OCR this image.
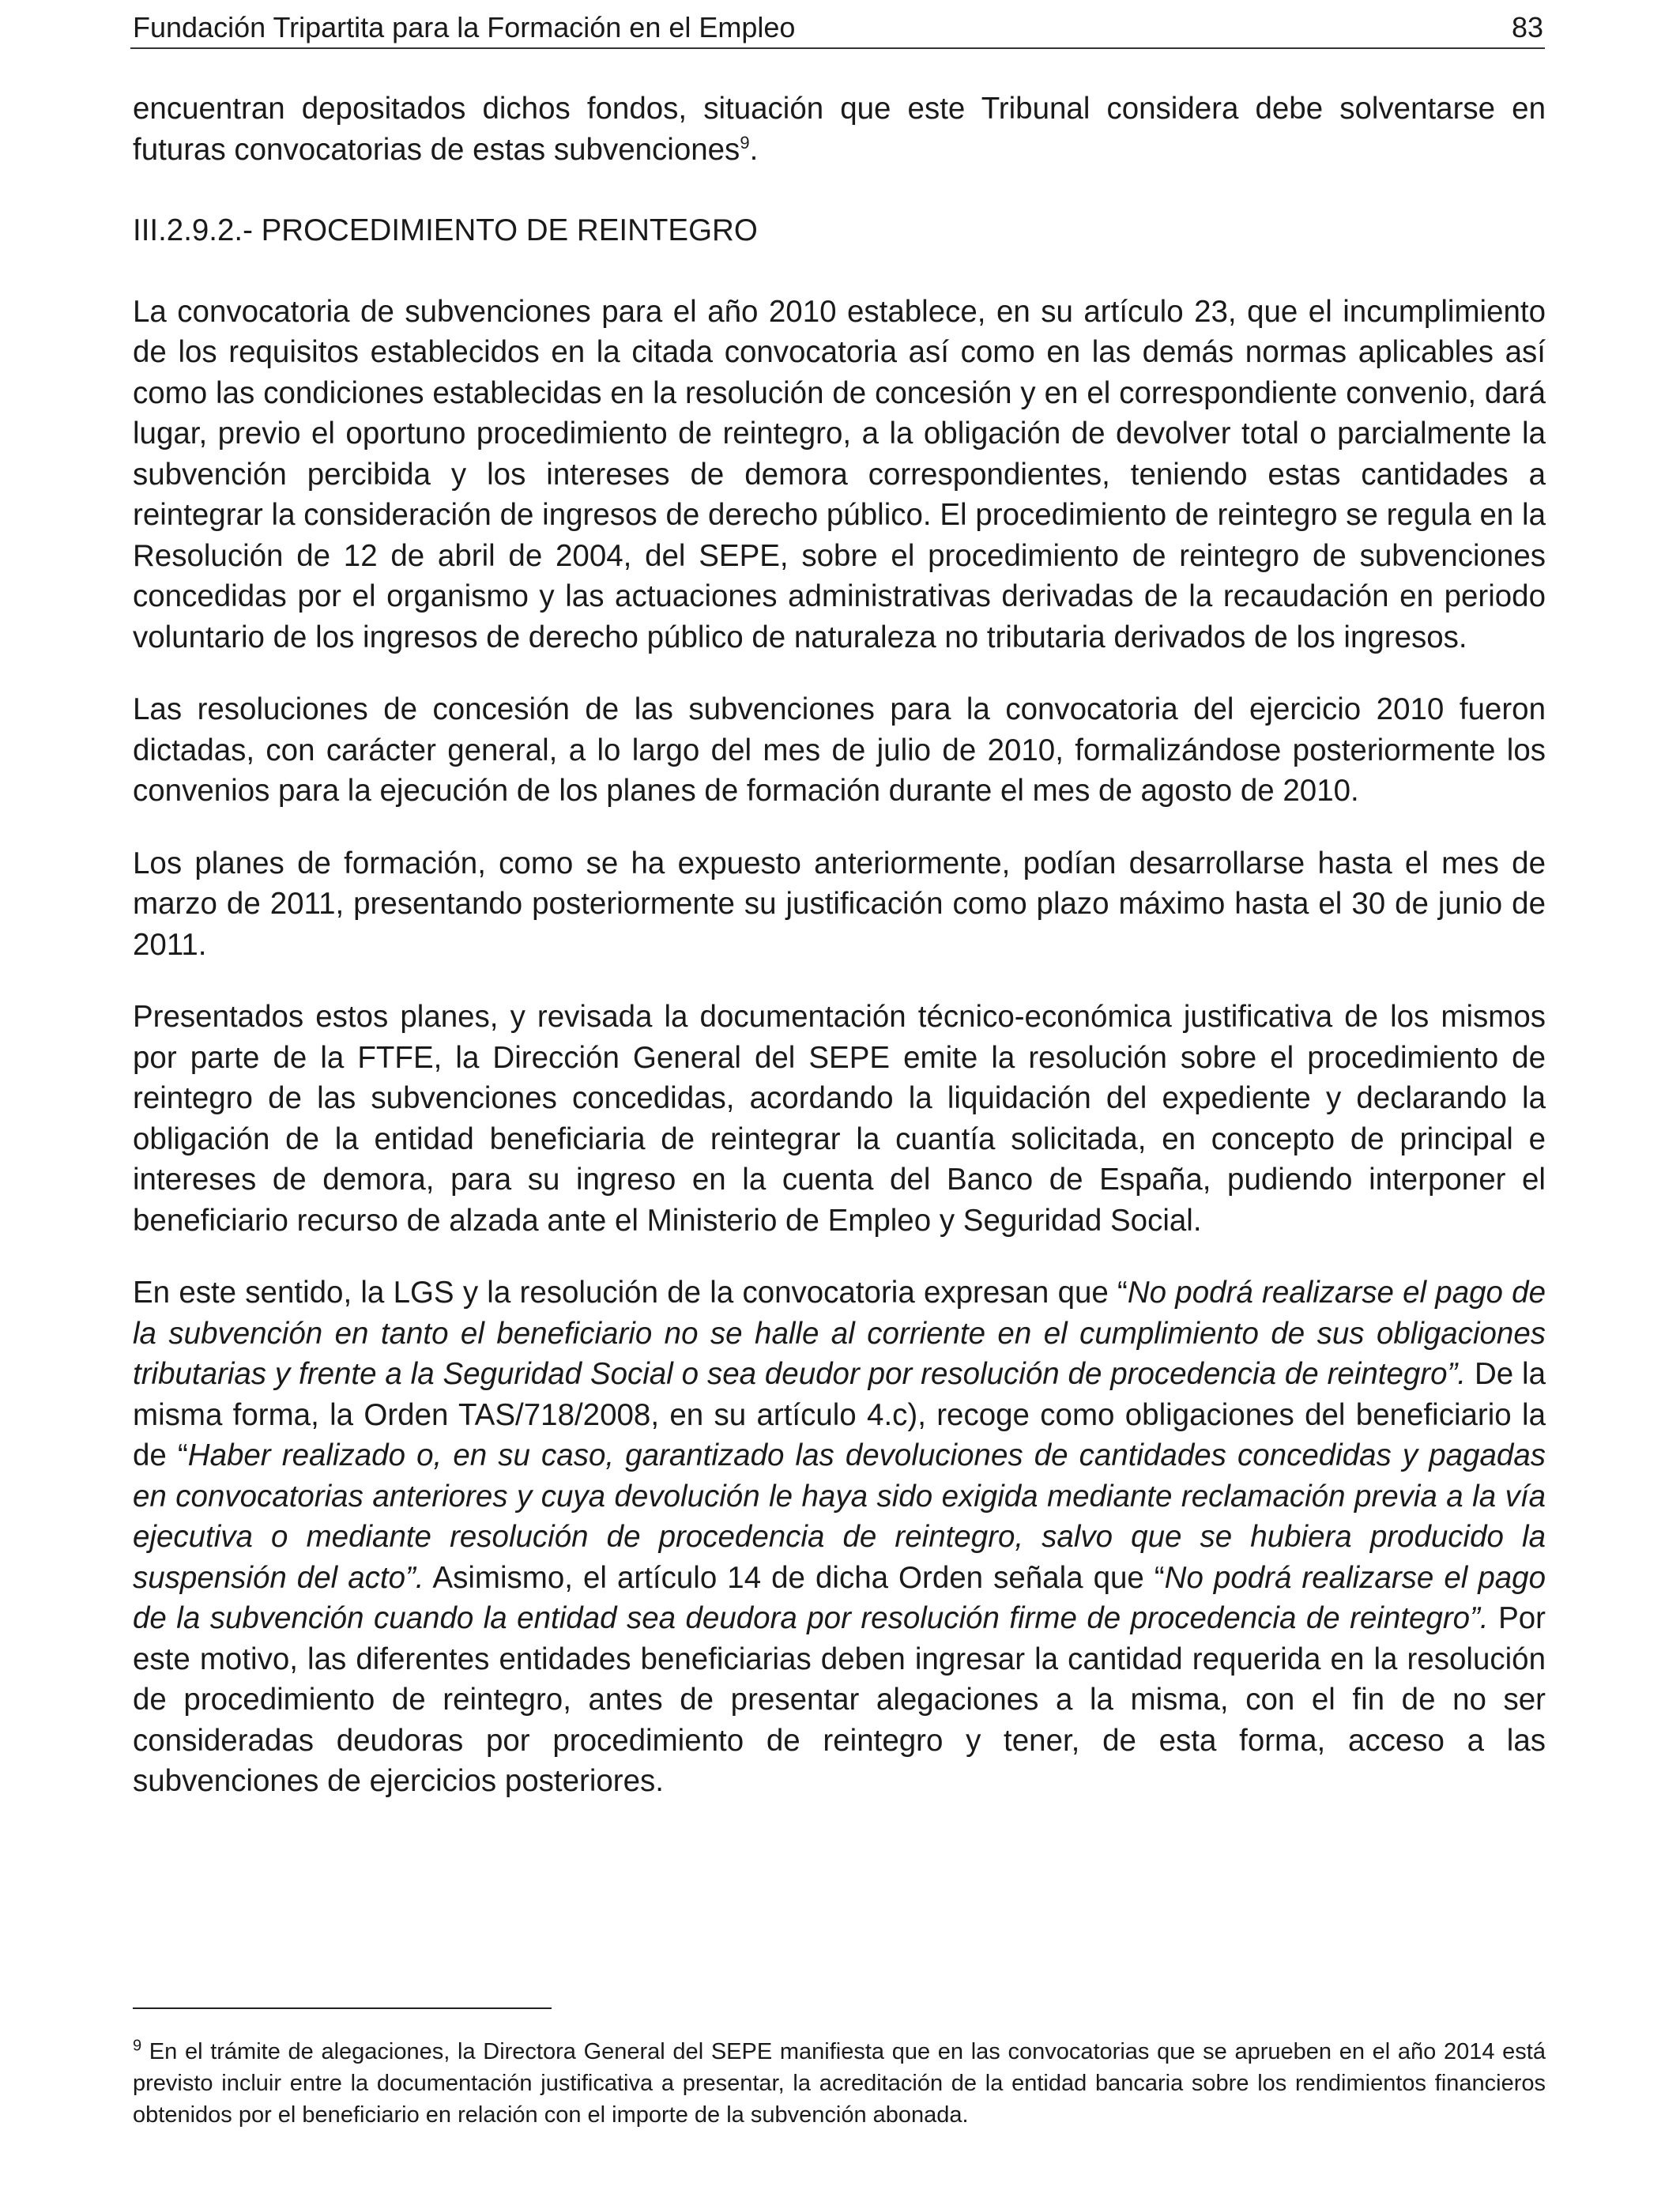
Fundación Tripartita para la Formación en el Empleo	83

encuentran depositados dichos fondos, situación que este Tribunal considera debe solventarse en futuras convocatorias de estas subvenciones$^9$.

III.2.9.2.- PROCEDIMIENTO DE REINTEGRO

La convocatoria de subvenciones para el año 2010 establece, en su artículo 23, que el incumplimiento de los requisitos establecidos en la citada convocatoria así como en las demás normas aplicables así como las condiciones establecidas en la resolución de concesión y en el correspondiente convenio, dará lugar, previo el oportuno procedimiento de reintegro, a la obligación de devolver total o parcialmente la subvención percibida y los intereses de demora correspondientes, teniendo estas cantidades a reintegrar la consideración de ingresos de derecho público. El procedimiento de reintegro se regula en la Resolución de 12 de abril de 2004, del SEPE, sobre el procedimiento de reintegro de subvenciones concedidas por el organismo y las actuaciones administrativas derivadas de la recaudación en periodo voluntario de los ingresos de derecho público de naturaleza no tributaria derivados de los ingresos.

Las resoluciones de concesión de las subvenciones para la convocatoria del ejercicio 2010 fueron dictadas, con carácter general, a lo largo del mes de julio de 2010, formalizándose posteriormente los convenios para la ejecución de los planes de formación durante el mes de agosto de 2010.

Los planes de formación, como se ha expuesto anteriormente, podían desarrollarse hasta el mes de marzo de 2011, presentando posteriormente su justificación como plazo máximo hasta el 30 de junio de 2011.

Presentados estos planes, y revisada la documentación técnico-económica justificativa de los mismos por parte de la FTFE, la Dirección General del SEPE emite la resolución sobre el procedimiento de reintegro de las subvenciones concedidas, acordando la liquidación del expediente y declarando la obligación de la entidad beneficiaria de reintegrar la cuantía solicitada, en concepto de principal e intereses de demora, para su ingreso en la cuenta del Banco de España, pudiendo interponer el beneficiario recurso de alzada ante el Ministerio de Empleo y Seguridad Social.

En este sentido, la LGS y la resolución de la convocatoria expresan que “No podrá realizarse el pago de la subvención en tanto el beneficiario no se halle al corriente en el cumplimiento de sus obligaciones tributarias y frente a la Seguridad Social o sea deudor por resolución de procedencia de reintegro”. De la misma forma, la Orden TAS/718/2008, en su artículo 4.c), recoge como obligaciones del beneficiario la de “Haber realizado o, en su caso, garantizado las devoluciones de cantidades concedidas y pagadas en convocatorias anteriores y cuya devolución le haya sido exigida mediante reclamación previa a la vía ejecutiva o mediante resolución de procedencia de reintegro, salvo que se hubiera producido la suspensión del acto”. Asimismo, el artículo 14 de dicha Orden señala que “No podrá realizarse el pago de la subvención cuando la entidad sea deudora por resolución firme de procedencia de reintegro”. Por este motivo, las diferentes entidades beneficiarias deben ingresar la cantidad requerida en la resolución de procedimiento de reintegro, antes de presentar alegaciones a la misma, con el fin de no ser consideradas deudoras por procedimiento de reintegro y tener, de esta forma, acceso a las subvenciones de ejercicios posteriores.

$^9$ En el trámite de alegaciones, la Directora General del SEPE manifiesta que en las convocatorias que se aprueben en el año 2014 está previsto incluir entre la documentación justificativa a presentar, la acreditación de la entidad bancaria sobre los rendimientos financieros obtenidos por el beneficiario en relación con el importe de la subvención abonada.
